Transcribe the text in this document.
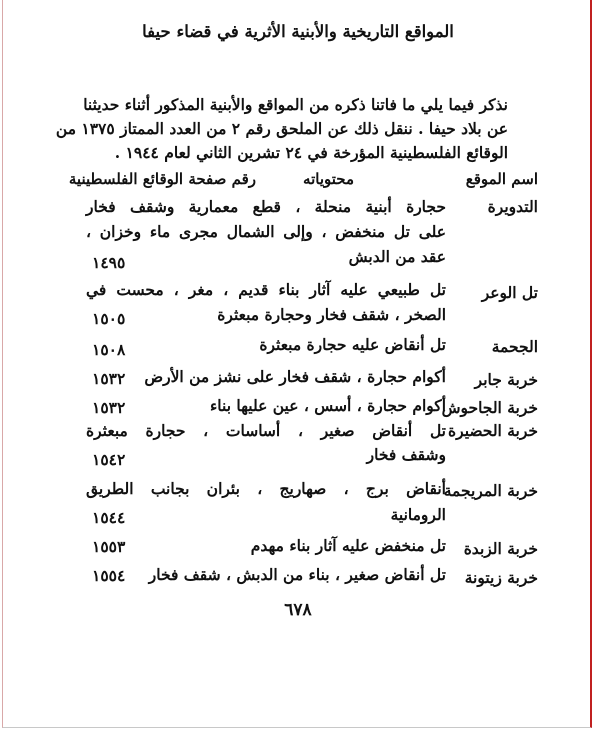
المواقع التاريخية والأبنية الأثرية في قضاء حيفا
نذكر فيما يلي ما فاتنا ذكره من المواقع والأبنية المذكور أثناء حديثنا
عن بلاد حيفا . ننقل ذلك عن الملحق رقم ٢ من العدد الممتاز ١٣٧٥ من
الوقائع الفلسطينية المؤرخة في ٢٤ تشرين الثاني لعام ١٩٤٤ .
اسم الموقع
محتوياته
رقم صفحة الوقائع الفلسطينية
التدويرة
حجارة أبنية منحلة ، قطع معمارية وشقف فخار
على تل منخفض ، وإلى الشمال مجرى ماء وخزان ،
عقد من الدبش
١٤٩٥
تل الوعر
تل طبيعي عليه آثار بناء قديم ، مغر ، محست في
الصخر ، شقف فخار وحجارة مبعثرة
١٥٠٥
الجحمة
تل أنقاض عليه حجارة مبعثرة
١٥٠٨
خربة جابر
أكوام حجارة ، شقف فخار على نشز من الأرض
١٥٣٢
خربة الجاحوش
أكوام حجارة ، أسس ، عين عليها بناء
١٥٣٢
خربة الحضيرة
تل أنقاض صغير ، أساسات ، حجارة مبعثرة
وشقف فخار
١٥٤٢
خربة المريجمة
أنقاض برج ، صهاريج ، بئران بجانب الطريق
الرومانية
١٥٤٤
خربة الزبدة
تل منخفض عليه آثار بناء مهدم
١٥٥٣
خربة زيتونة
تل أنقاض صغير ، بناء من الدبش ، شقف فخار
١٥٥٤
٦٧٨
